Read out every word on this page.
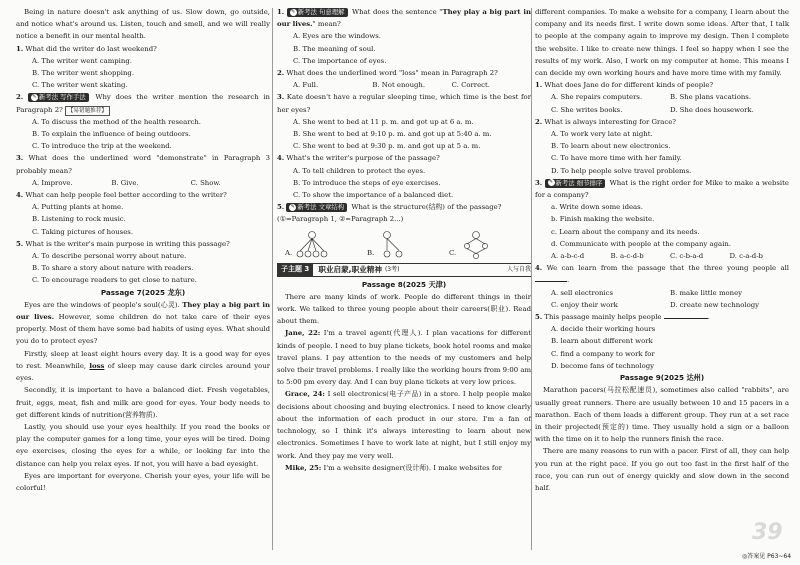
Being in nature doesn't ask anything of us. Slow down, go outside, and notice what's around us. Listen, touch and smell, and we will really notice a benefit in our mental health.

1. What did the writer do last weekend?
A. The writer went camping.
B. The writer went shopping.
C. The writer went skating.
2. ✎ 新考法 写作手法 Why does the writer mention the research in Paragraph 2? 【易错题推荐】
A. To discuss the method of the health research.
B. To explain the influence of being outdoors.
C. To introduce the trip at the weekend.
3. What does the underlined word "demonstrate" in Paragraph 3 probably mean?
A. Improve.	B. Give.	C. Show.
4. What can help people feel better according to the writer?
A. Putting plants at home.
B. Listening to rock music.
C. Taking pictures of houses.
5. What is the writer's main purpose in writing this passage?
A. To describe personal worry about nature.
B. To share a story about nature with readers.
C. To encourage readers to get close to nature.
Passage 7(2025 龙东)

Eyes are the windows of people's soul(心灵). They play a big part in our lives. However, some children do not take care of their eyes properly. Most of them have some bad habits of using eyes. What should you do to protect eyes?

Firstly, sleep at least eight hours every day. It is a good way for eyes to rest. Meanwhile, loss of sleep may cause dark circles around your eyes.

Secondly, it is important to have a balanced diet. Fresh vegetables, fruit, eggs, meat, fish and milk are good for eyes. Your body needs to get different kinds of nutrition(营养物质).

Lastly, you should use your eyes healthily. If you read the books or play the computer games for a long time, your eyes will be tired. Doing eye exercises, closing the eyes for a while, or looking far into the distance can help you relax eyes. If not, you will have a bad eyesight.

Eyes are important for everyone. Cherish your eyes, your life will be colorful!

1. ✎ 新考法 句意理解 What does the sentence "They play a big part in our lives." mean?
A. Eyes are the windows.
B. The meaning of soul.
C. The importance of eyes.
2. What does the underlined word "loss" mean in Paragraph 2?
A. Full.	B. Not enough.	C. Correct.
3. Kate doesn't have a regular sleeping time, which time is the best for her eyes?
A. She went to bed at 11 p. m. and got up at 6 a. m.
B. She went to bed at 9:10 p. m. and got up at 5:40 a. m.
C. She went to bed at 9:30 p. m. and got up at 5 a. m.
4. What's the writer's purpose of the passage?
A. To tell children to protect the eyes.
B. To introduce the steps of eye exercises.
C. To show the importance of a balanced diet.
5. ✎ 新考法 文章结构 What is the structure(结构) of the passage?
(①=Paragraph 1, ②=Paragraph 2...)
A.	B.	C.
子主题 3	职业启蒙,职业精神 (3考)	人与自我
Passage 8(2025 天津)

There are many kinds of work. People do different things in their work. We talked to three young people about their careers(职业). Read about them.

Jane, 22: I'm a travel agent(代理人). I plan vacations for different kinds of people. I need to buy plane tickets, book hotel rooms and make travel plans. I pay attention to the needs of my customers and help solve their travel problems. I really like the working hours from 9:00 am to 5:00 pm every day. And I can buy plane tickets at very low prices.

Grace, 24: I sell electronics(电子产品) in a store. I help people make decisions about choosing and buying electronics. I need to know clearly about the information of each product in our store. I'm a fan of technology, so I think it's always interesting to learn about new electronics. Sometimes I have to work late at night, but I still enjoy my work. And they pay me very well.

Mike, 25: I'm a website designer(设计师). I make websites for

different companies. To make a website for a company, I learn about the company and its needs first. I write down some ideas. After that, I talk to people at the company again to improve my design. Then I complete the website. I like to create new things. I feel so happy when I see the results of my work. Also, I work on my computer at home. This means I can decide my own working hours and have more time with my family.

1. What does Jane do for different kinds of people?
A. She repairs computers.	B. She plans vacations.
C. She writes books.	D. She does housework.
2. What is always interesting for Grace?
A. To work very late at night.
B. To learn about new electronics.
C. To have more time with her family.
D. To help people solve travel problems.
3. ✎ 新考法 细节排序 What is the right order for Mike to make a website for a company?
a. Write down some ideas.
b. Finish making the website.
c. Learn about the company and its needs.
d. Communicate with people at the company again.
A. a-b-c-d	B. a-c-d-b	C. c-b-a-d	D. c-a-d-b
4. We can learn from the passage that the three young people all .
A. sell electronics	B. make little money
C. enjoy their work	D. create new technology
5. This passage mainly helps people	.
A. decide their working hours
B. learn about different work
C. find a company to work for
D. become fans of technology
Passage 9(2025 达州)

Marathon pacers(马拉松配速员), sometimes also called "rabbits", are usually great runners. There are usually between 10 and 15 pacers in a marathon. Each of them leads a different group. They run at a set race in their projected(预定的) time. They usually hold a sign or a balloon with the time on it to help the runners finish the race.

There are many reasons to run with a pacer. First of all, they can help you run at the right pace. If you go out too fast in the first half of the race, you can run out of energy quickly and slow down in the second half.

39
◎答案见 P63~64
